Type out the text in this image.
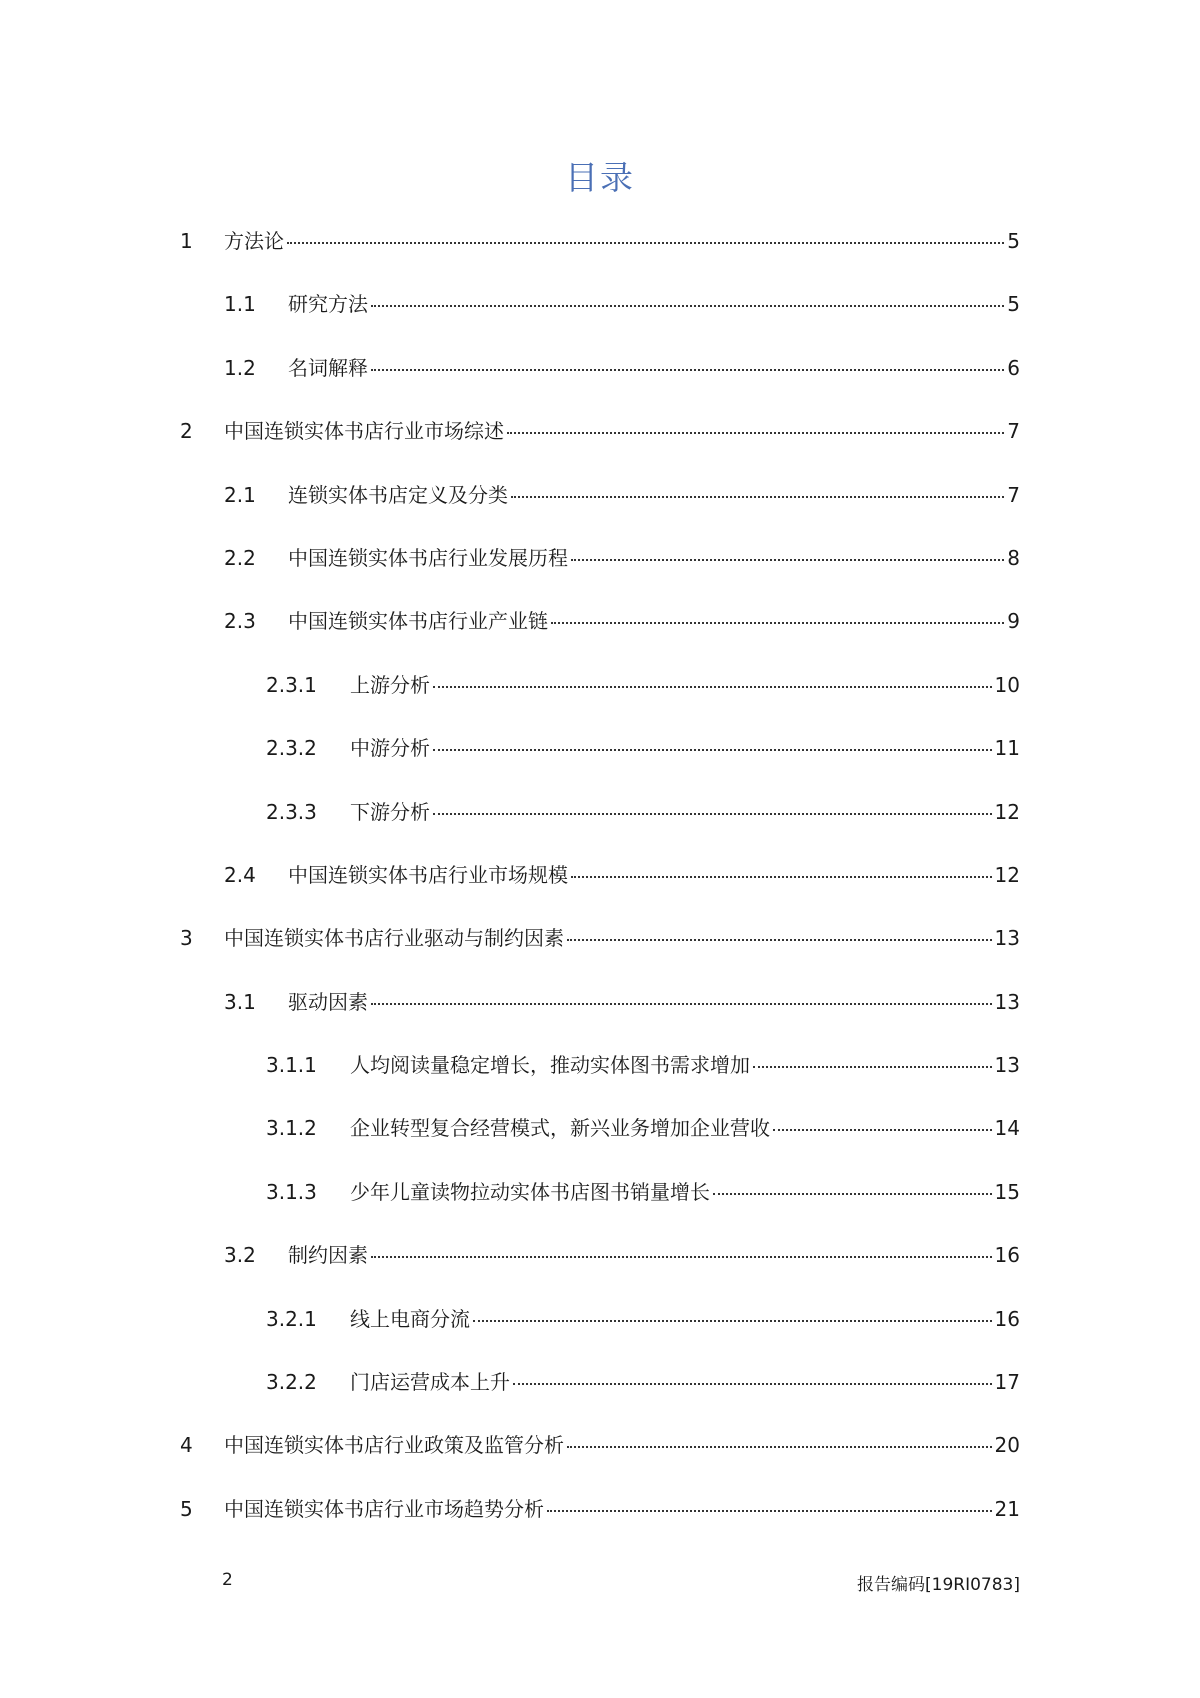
目录
1	方法论	5
1.1	研究方法	5
1.2	名词解释	6
2	中国连锁实体书店行业市场综述	7
2.1	连锁实体书店定义及分类	7
2.2	中国连锁实体书店行业发展历程	8
2.3	中国连锁实体书店行业产业链	9
2.3.1	上游分析	10
2.3.2	中游分析	11
2.3.3	下游分析	12
2.4	中国连锁实体书店行业市场规模	12
3	中国连锁实体书店行业驱动与制约因素	13
3.1	驱动因素	13
3.1.1	人均阅读量稳定增长，推动实体图书需求增加	13
3.1.2	企业转型复合经营模式，新兴业务增加企业营收	14
3.1.3	少年儿童读物拉动实体书店图书销量增长	15
3.2	制约因素	16
3.2.1	线上电商分流	16
3.2.2	门店运营成本上升	17
4	中国连锁实体书店行业政策及监管分析	20
5	中国连锁实体书店行业市场趋势分析	21
2	报告编码[19RI0783]
